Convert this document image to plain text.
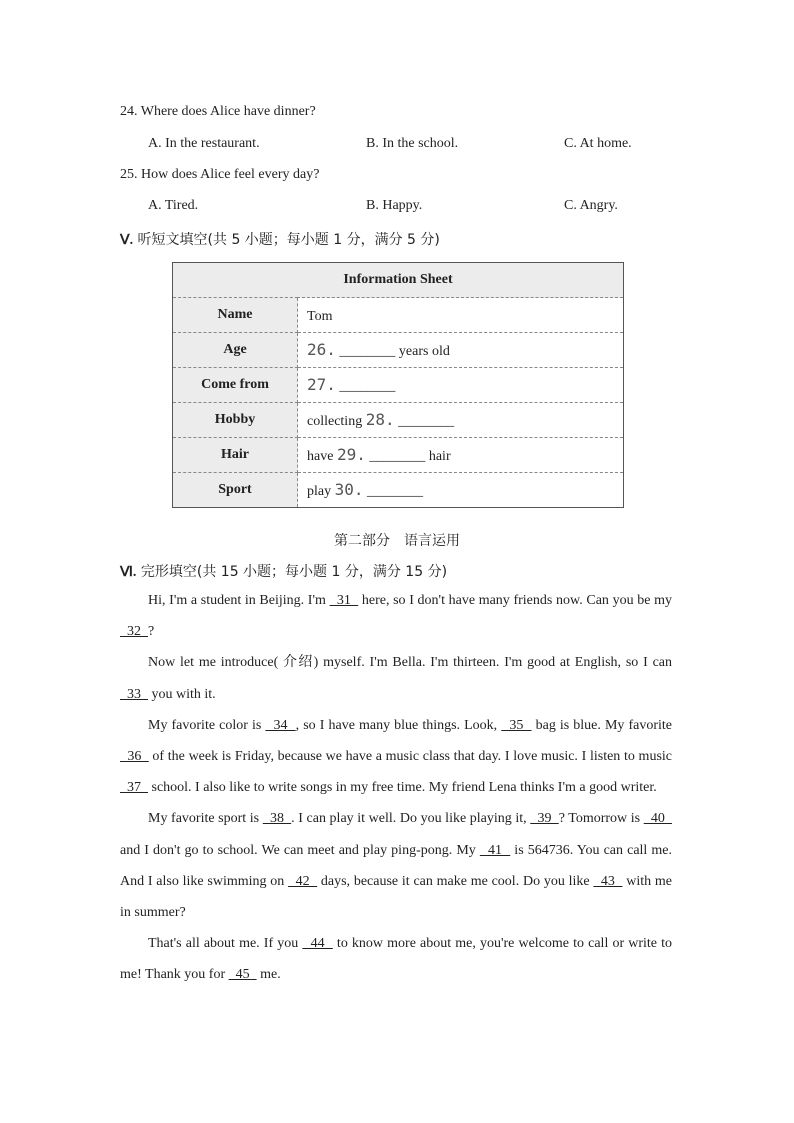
24. Where does Alice have dinner?
A. In the restaurant.	B. In the school.	C. At home.
25. How does Alice feel every day?
A. Tired.	B. Happy.	C. Angry.
Ⅴ. 听短文填空(共 5 小题；每小题 1 分，满分 5 分)
Information Sheet	
Name	Tom
Age	26. ________ years old
Come from	27. ________
Hobby	collecting 28. ________
Hair	have 29. ________ hair
Sport	play 30. ________
第二部分　语言运用
Ⅵ. 完形填空(共 15 小题；每小题 1 分，满分 15 分)

Hi, I'm a student in Beijing. I'm   31   here, so I don't have many friends now. Can you be my   32  ?

Now let me introduce( 介绍) myself. I'm Bella. I'm thirteen. I'm good at English, so I can   33   you with it.

My favorite color is   34  , so I have many blue things. Look,   35   bag is blue. My favorite   36   of the week is Friday, because we have a music class that day. I love music. I listen to music   37   school. I also like to write songs in my free time. My friend Lena thinks I'm a good writer.

My favorite sport is   38  . I can play it well. Do you like playing it,   39  ? Tomorrow is   40   and I don't go to school. We can meet and play ping-pong. My   41   is 564736. You can call me. And I also like swimming on   42   days, because it can make me cool. Do you like   43   with me in summer?

That's all about me. If you   44   to know more about me, you're welcome to call or write to me! Thank you for   45   me.
